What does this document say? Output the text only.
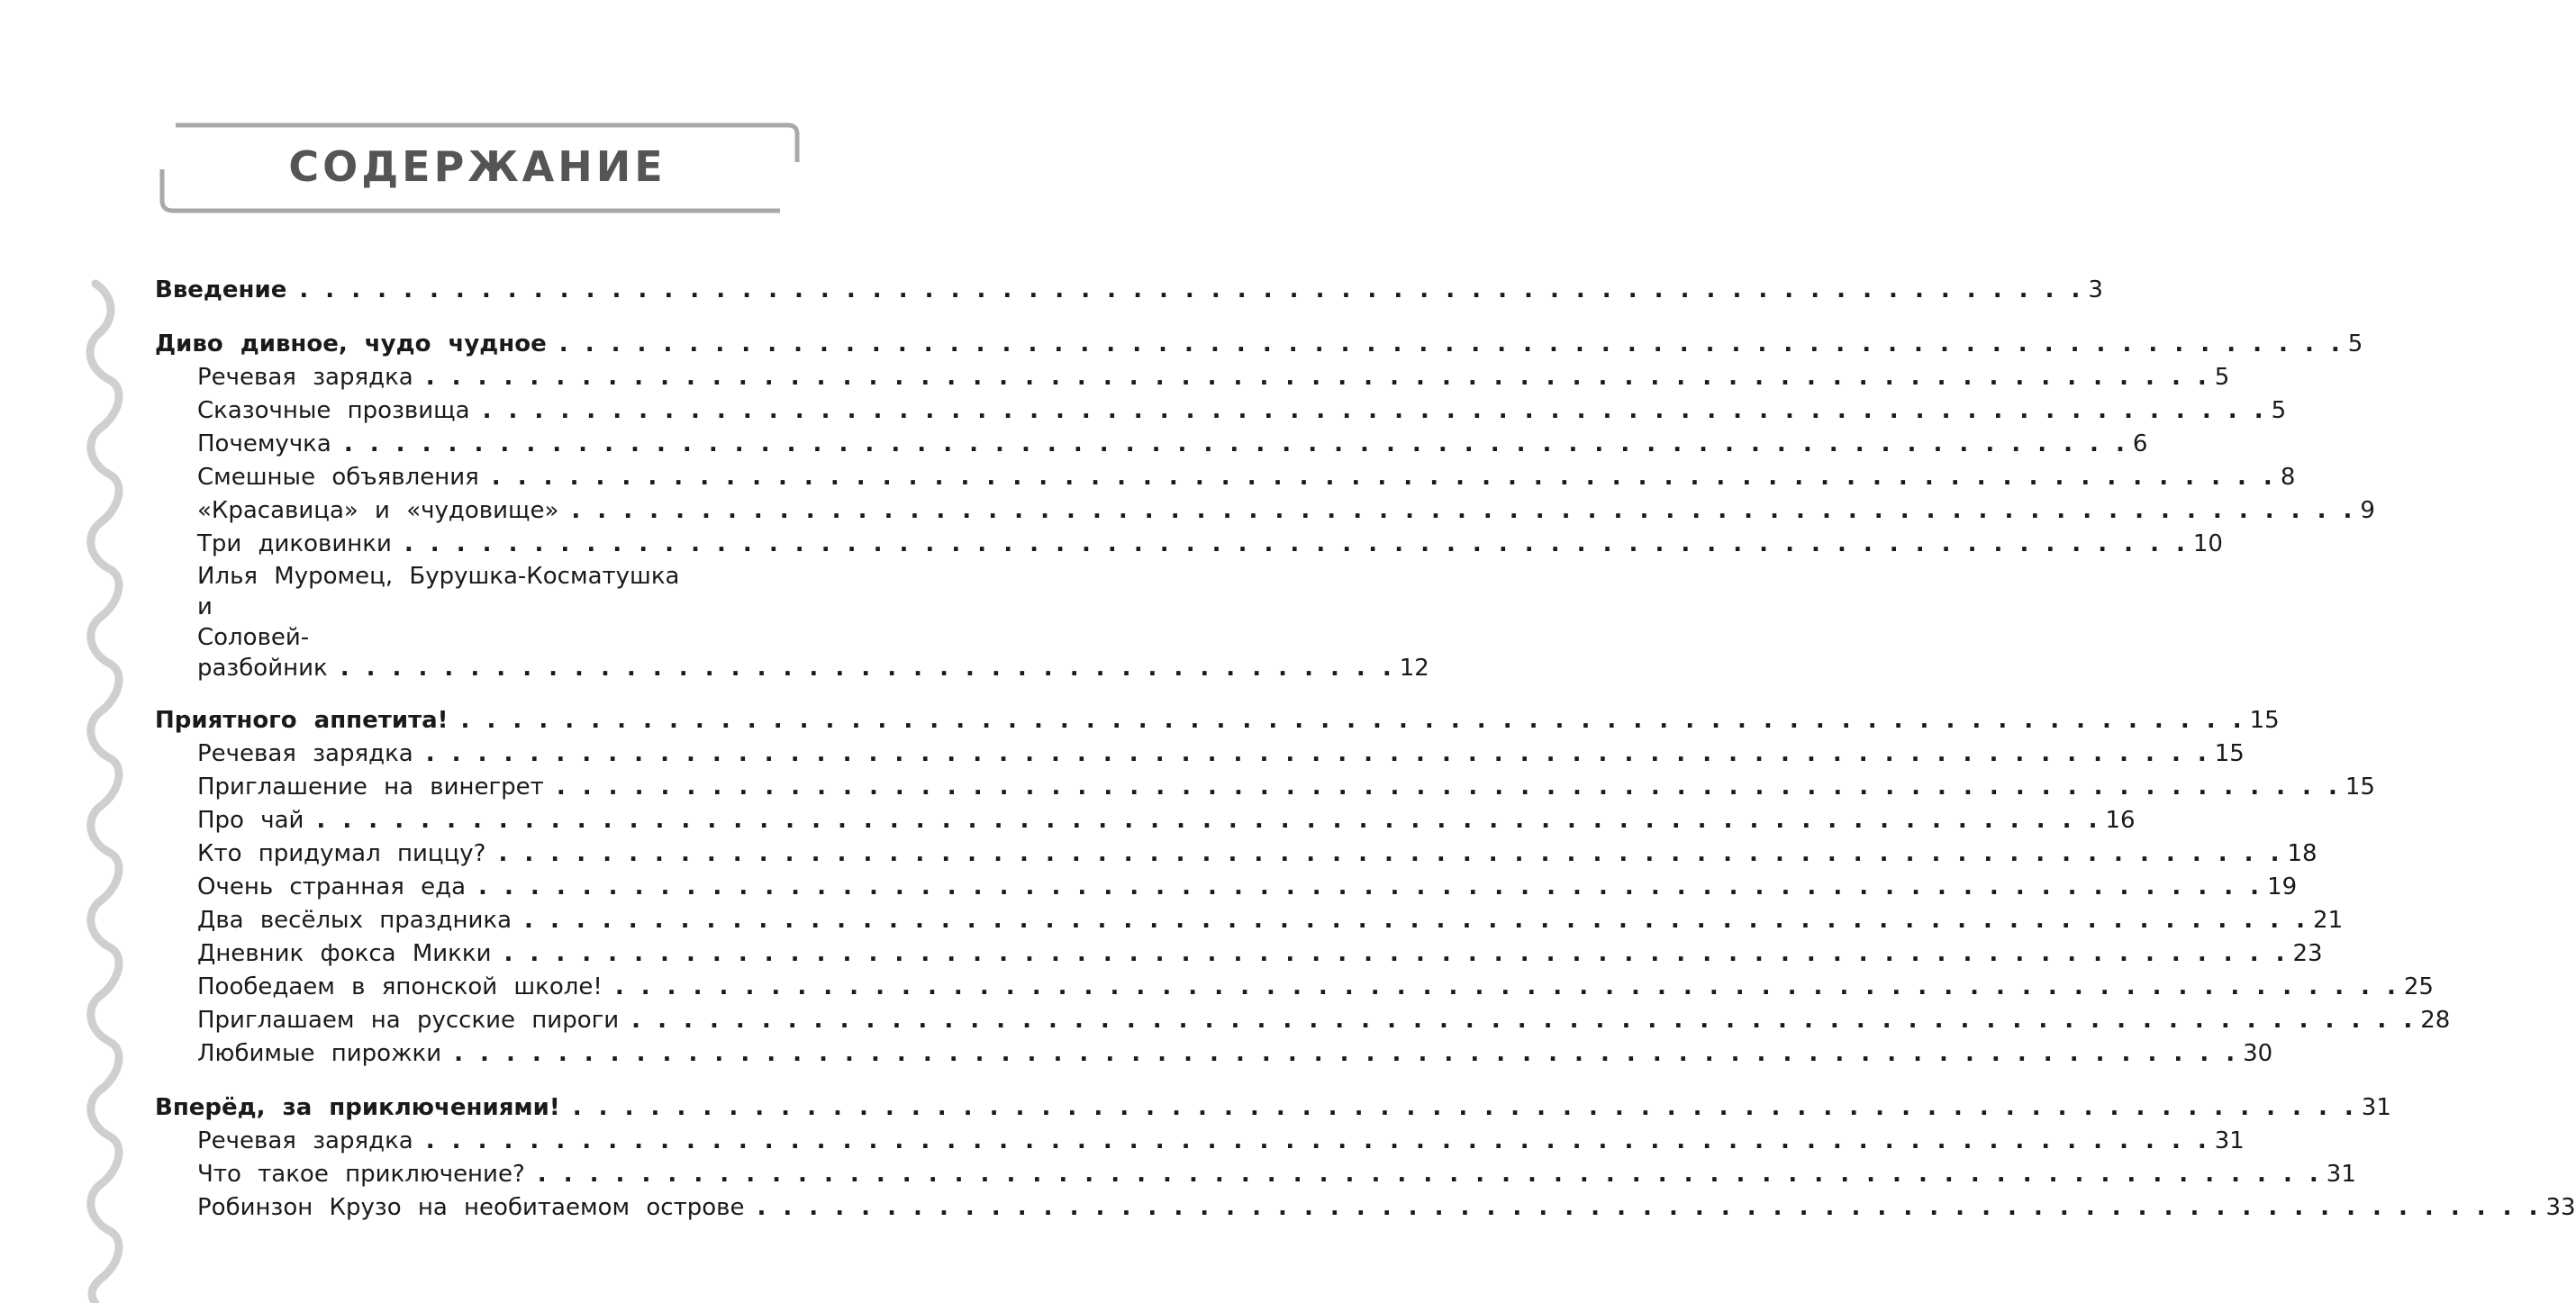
СОДЕРЖАНИЕ
Введение . . .	3
Диво дивное, чудо чудное . . .	5
Речевая зарядка . . .	5
Сказочные прозвища . . .	5
Почемучка . . .	6
Смешные объявления . . .	8
«Красавица» и «чудовище» . . .	9
Три диковинки . . .	10
Илья Муромец, Бурушка-Косматушка
и Соловей-разбойник . . . . . . . . . . . . . . . . . . . . . . . . . . . . . . . . . . . . . . . . . 12
Приятного аппетита! . . .	15
Речевая зарядка . . .	15
Приглашение на винегрет . . .	15
Про чай . . .	16
Кто придумал пиццу? . . .	18
Очень странная еда . . .	19
Два весёлых праздника . . .	21
Дневник фокса Микки . . .	23
Пообедаем в японской школе! . . .	25
Приглашаем на русские пироги . . .	28
Любимые пирожки . . .	30
Вперёд, за приключениями! . . .	31
Речевая зарядка . . .	31
Что такое приключение? . . .	31
Робинзон Крузо на необитаемом острове . . .	33
